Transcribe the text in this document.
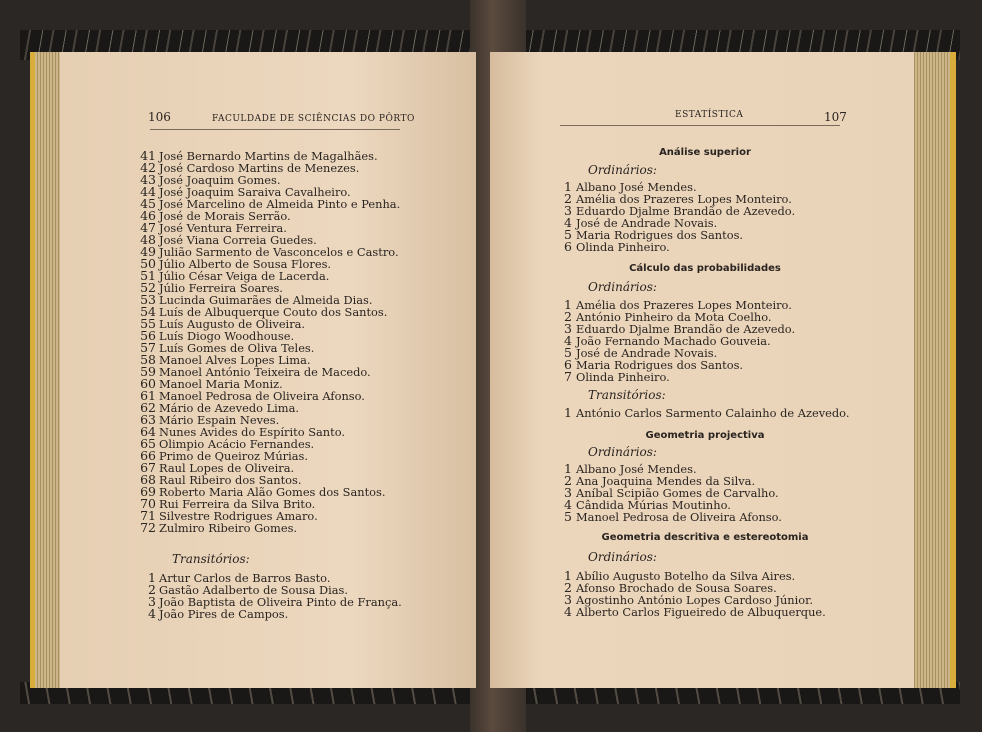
106	FACULDADE DE SCIÊNCIAS DO PÔRTO
41 José Bernardo Martins de Magalhães.
42 José Cardoso Martins de Menezes.
43 José Joaquim Gomes.
44 José Joaquim Saraiva Cavalheiro.
45 José Marcelino de Almeida Pinto e Penha.
46 José de Morais Serrão.
47 José Ventura Ferreira.
48 José Viana Correia Guedes.
49 Julião Sarmento de Vasconcelos e Castro.
50 Júlio Alberto de Sousa Flores.
51 Júlio César Veiga de Lacerda.
52 Júlio Ferreira Soares.
53 Lucinda Guimarães de Almeida Dias.
54 Luís de Albuquerque Couto dos Santos.
55 Luís Augusto de Oliveira.
56 Luís Diogo Woodhouse.
57 Luís Gomes de Oliva Teles.
58 Manoel Alves Lopes Lima.
59 Manoel António Teixeira de Macedo.
60 Manoel Maria Moniz.
61 Manoel Pedrosa de Oliveira Afonso.
62 Mário de Azevedo Lima.
63 Mário Espain Neves.
64 Nunes Avides do Espírito Santo.
65 Olimpio Acácio Fernandes.
66 Primo de Queiroz Múrias.
67 Raul Lopes de Oliveira.
68 Raul Ribeiro dos Santos.
69 Roberto Maria Alão Gomes dos Santos.
70 Rui Ferreira da Silva Brito.
71 Silvestre Rodrigues Amaro.
72 Zulmiro Ribeiro Gomes.
Transitórios:
1 Artur Carlos de Barros Basto.
2 Gastão Adalberto de Sousa Dias.
3 João Baptista de Oliveira Pinto de França.
4 João Pires de Campos.
ESTATÍSTICA	107
Análise superior
Ordinários:
1 Albano José Mendes.
2 Amélia dos Prazeres Lopes Monteiro.
3 Eduardo Djalme Brandão de Azevedo.
4 José de Andrade Novais.
5 Maria Rodrigues dos Santos.
6 Olinda Pinheiro.
Cálculo das probabilidades
Ordinários:
1 Amélia dos Prazeres Lopes Monteiro.
2 António Pinheiro da Mota Coelho.
3 Eduardo Djalme Brandão de Azevedo.
4 João Fernando Machado Gouveia.
5 José de Andrade Novais.
6 Maria Rodrigues dos Santos.
7 Olinda Pinheiro.
Transitórios:
1 António Carlos Sarmento Calainho de Azevedo.
Geometria projectiva
Ordinários:
1 Albano José Mendes.
2 Ana Joaquina Mendes da Silva.
3 Aníbal Scipião Gomes de Carvalho.
4 Cândida Múrias Moutinho.
5 Manoel Pedrosa de Oliveira Afonso.
Geometria descritiva e estereotomia
Ordinários:
1 Abílio Augusto Botelho da Silva Aires.
2 Afonso Brochado de Sousa Soares.
3 Agostinho António Lopes Cardoso Júnior.
4 Alberto Carlos Figueiredo de Albuquerque.
